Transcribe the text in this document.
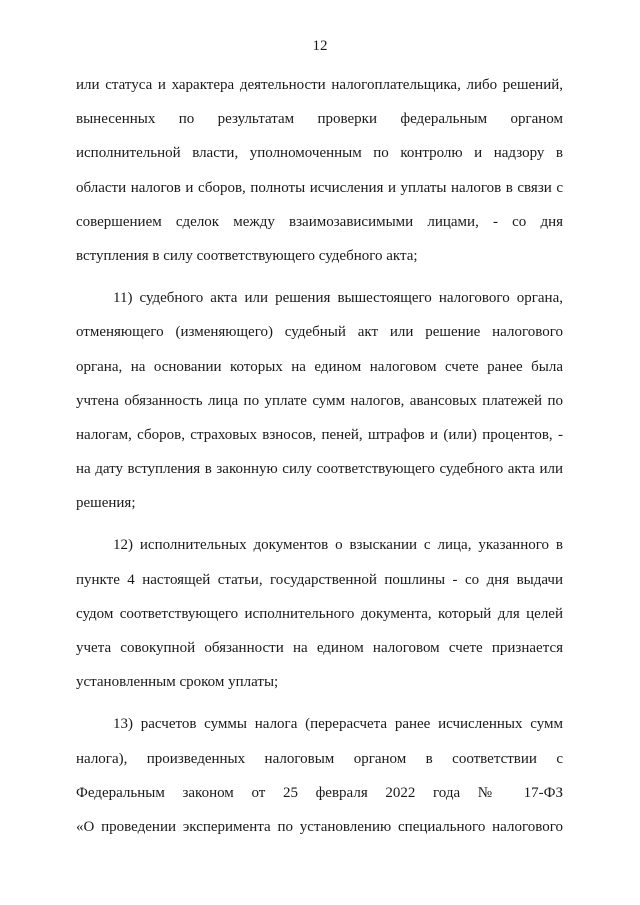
12
или статуса и характера деятельности налогоплательщика, либо решений,
вынесенных по результатам проверки федеральным органом
исполнительной власти, уполномоченным по контролю и надзору в
области налогов и сборов, полноты исчисления и уплаты налогов в связи с
совершением сделок между взаимозависимыми лицами, - со дня
вступления в силу соответствующего судебного акта;
11) судебного акта или решения вышестоящего налогового органа,
отменяющего (изменяющего) судебный акт или решение налогового
органа, на основании которых на едином налоговом счете ранее была
учтена обязанность лица по уплате сумм налогов, авансовых платежей по
налогам, сборов, страховых взносов, пеней, штрафов и (или) процентов, -
на дату вступления в законную силу соответствующего судебного акта или
решения;
12) исполнительных документов о взыскании с лица, указанного в
пункте 4 настоящей статьи, государственной пошлины - со дня выдачи
судом соответствующего исполнительного документа, который для целей
учета совокупной обязанности на едином налоговом счете признается
установленным сроком уплаты;
13) расчетов суммы налога (перерасчета ранее исчисленных сумм
налога), произведенных налоговым органом в соответствии с
Федеральным законом от 25 февраля 2022 года № 17-ФЗ
«О проведении эксперимента по установлению специального налогового
